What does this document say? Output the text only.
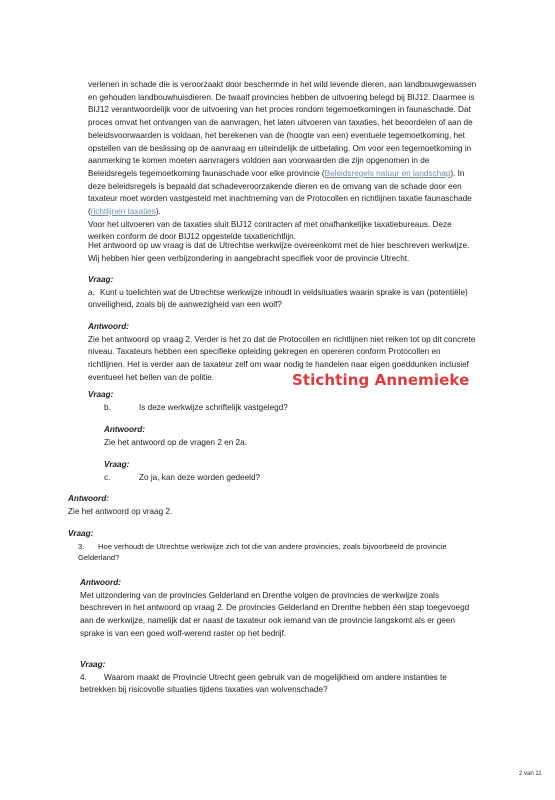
verlenen in schade die is veroorzaakt door beschermde in het wild levende dieren, aan landbouwgewassen
en gehouden landbouwhuisdieren. De twaalf provincies hebben de uitvoering belegd bij BIJ12. Daarmee is
BIJ12 verantwoordelijk voor de uitvoering van het proces rondom tegemoetkomingen in faunaschade. Dat
proces omvat het ontvangen van de aanvragen, het laten uitvoeren van taxaties, het beoordelen of aan de
beleidsvoorwaarden is voldaan, het berekenen van de (hoogte van een) eventuele tegemoetkoming, het
opstellen van de beslissing op de aanvraag en uiteindelijk de uitbetaling. Om voor een tegemoetkoming in
aanmerking te komen moeten aanvragers voldoen aan voorwaarden die zijn opgenomen in de
Beleidsregels tegemoetkoming faunaschade voor elke provincie (Beleidsregels natuur en landschap). In
deze beleidsregels is bepaald dat schadeveroorzakende dieren en de omvang van de schade door een
taxateur moet worden vastgesteld met inachtneming van de Protocollen en richtlijnen taxatie faunaschade
(richtlijnen taxaties).
Voor het uitvoeren van de taxaties sluit BIJ12 contracten af met onafhankelijke taxatiebureaus. Deze
werken conform de door BIJ12 opgestelde taxatierichtlijn.
Het antwoord op uw vraag is dat de Utrechtse werkwijze overeenkomt met de hier beschreven werkwijze.
Wij hebben hier geen verbijzondering in aangebracht specifiek voor de provincie Utrecht.
Vraag:
a. Kunt u toelichten wat de Utrechtse werkwijze inhoudt in veldsituaties waarin sprake is van (potentiële)
onveiligheid, zoals bij de aanwezigheid van een wolf?
Antwoord:
Zie het antwoord op vraag 2. Verder is het zo dat de Protocollen en richtlijnen niet reiken tot op dit concrete
niveau. Taxateurs hebben een specifieke opleiding gekregen en opereren conform Protocollen en
richtlijnen. Het is verder aan de taxateur zelf om waar nodig te handelen naar eigen goeddunken inclusief
eventueel het bellen van de politie.	Stichting Annemieke
Vraag:
b.	Is deze werkwijze schriftelijk vastgelegd?
Antwoord:
Zie het antwoord op de vragen 2 en 2a.
Vraag:
c.	Zo ja, kan deze worden gedeeld?
Antwoord:
Zie het antwoord op vraag 2.
Vraag:
3. Hoe verhoudt de Utrechtse werkwijze zich tot die van andere provincies, zoals bijvoorbeeld de provincie
Gelderland?
Antwoord:
Met uitzondering van de provincies Gelderland en Drenthe volgen de provincies de werkwijze zoals
beschreven in het antwoord op vraag 2. De provincies Gelderland en Drenthe hebben één stap toegevoegd
aan de werkwijze, namelijk dat er naast de taxateur ook iemand van de provincie langskomt als er geen
sprake is van een goed wolf-werend raster op het bedrijf.
Vraag:
4. Waarom maakt de Provincie Utrecht geen gebruik van de mogelijkheid om andere instanties te
betrekken bij risicovolle situaties tijdens taxaties van wolvenschade?
2 van 11
